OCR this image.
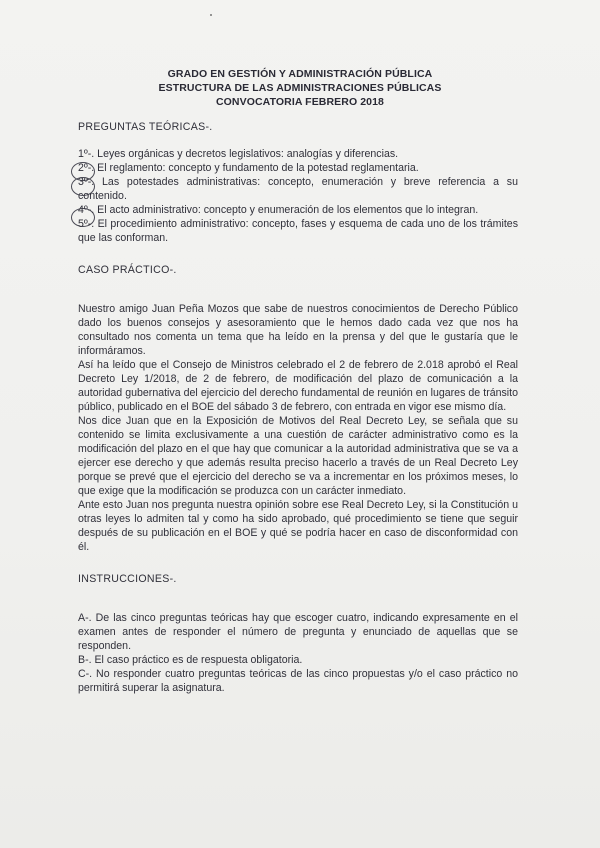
GRADO EN GESTIÓN Y ADMINISTRACIÓN PÚBLICA
ESTRUCTURA DE LAS ADMINISTRACIONES PÚBLICAS
CONVOCATORIA FEBRERO 2018
PREGUNTAS TEÓRICAS-.

1º-. Leyes orgánicas y decretos legislativos: analogías y diferencias.

2º-. El reglamento: concepto y fundamento de la potestad reglamentaria.

3º-. Las potestades administrativas: concepto, enumeración y breve referencia a su contenido.

4º-. El acto administrativo: concepto y enumeración de los elementos que lo integran.

5º-. El procedimiento administrativo: concepto, fases y esquema de cada uno de los trámites que las conforman.

CASO PRÁCTICO-.

Nuestro amigo Juan Peña Mozos que sabe de nuestros conocimientos de Derecho Público dado los buenos consejos y asesoramiento que le hemos dado cada vez que nos ha consultado nos comenta un tema que ha leído en la prensa y del que le gustaría que le informáramos.

Así ha leído que el Consejo de Ministros celebrado el 2 de febrero de 2.018 aprobó el Real Decreto Ley 1/2018, de 2 de febrero, de modificación del plazo de comunicación a la autoridad gubernativa del ejercicio del derecho fundamental de reunión en lugares de tránsito público, publicado en el BOE del sábado 3 de febrero, con entrada en vigor ese mismo día.

Nos dice Juan que en la Exposición de Motivos del Real Decreto Ley, se señala que su contenido se limita exclusivamente a una cuestión de carácter administrativo como es la modificación del plazo en el que hay que comunicar a la autoridad administrativa que se va a ejercer ese derecho y que además resulta preciso hacerlo a través de un Real Decreto Ley porque se prevé que el ejercicio del derecho se va a incrementar en los próximos meses, lo que exige que la modificación se produzca con un carácter inmediato.

Ante esto Juan nos pregunta nuestra opinión sobre ese Real Decreto Ley, si la Constitución u otras leyes lo admiten tal y como ha sido aprobado, qué procedimiento se tiene que seguir después de su publicación en el BOE y qué se podría hacer en caso de disconformidad con él.

INSTRUCCIONES-.

A-. De las cinco preguntas teóricas hay que escoger cuatro, indicando expresamente en el examen antes de responder el número de pregunta y enunciado de aquellas que se responden.

B-. El caso práctico es de respuesta obligatoria.

C-. No responder cuatro preguntas teóricas de las cinco propuestas y/o el caso práctico no permitirá superar la asignatura.
